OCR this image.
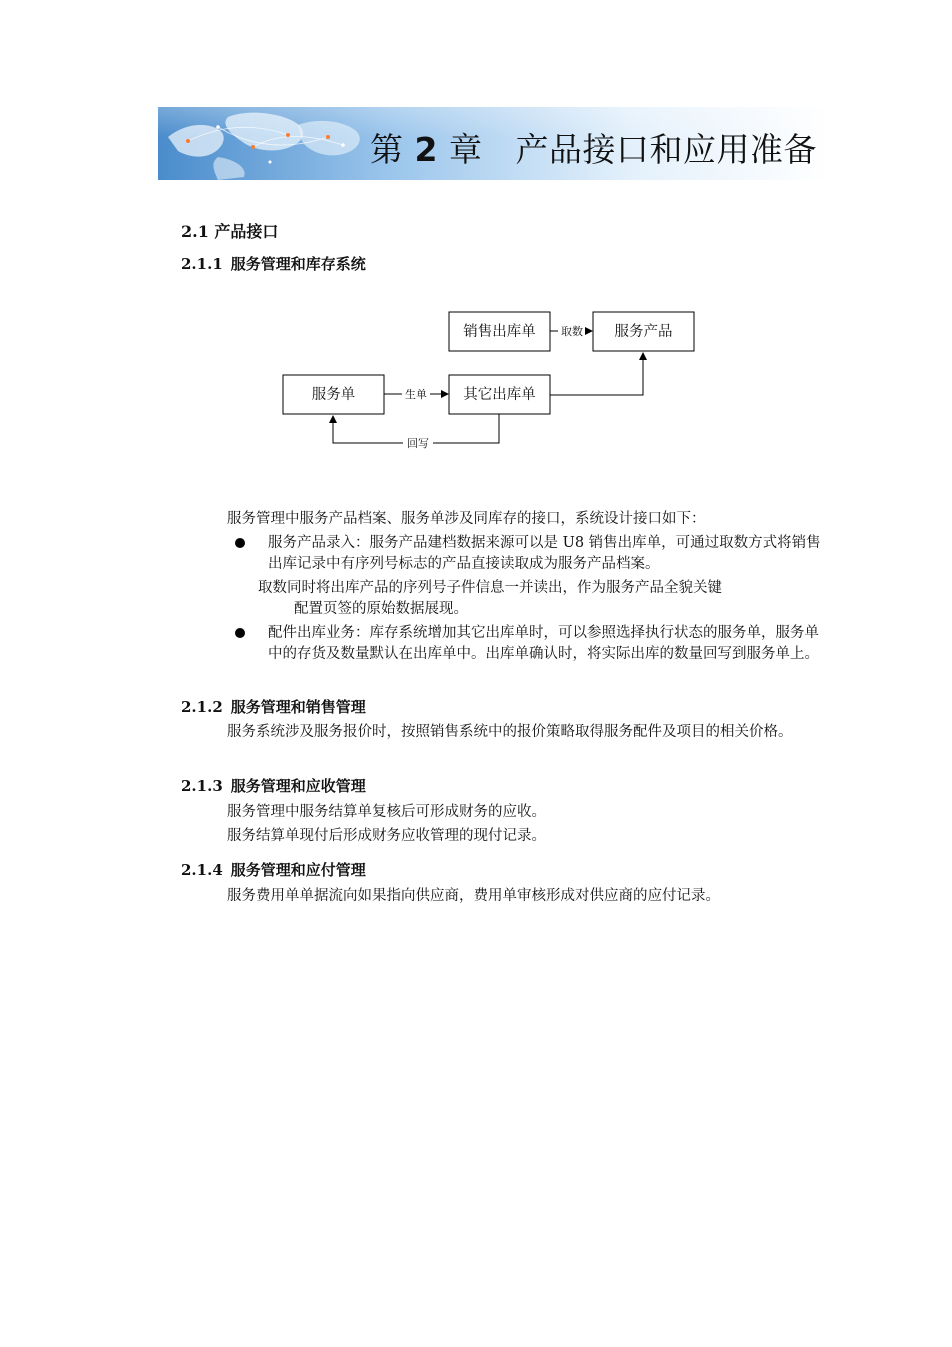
第 2 章 产品接口和应用准备
2.1 产品接口
2.1.1 服务管理和库存系统
销售出库单	服务产品
服务单	其它出库单
取数
生单
回写
服务管理中服务产品档案、服务单涉及同库存的接口，系统设计接口如下：
服务产品录入：服务产品建档数据来源可以是 U8 销售出库单，可通过取数方式将销售出库记录中有序列号标志的产品直接读取成为服务产品档案。
取数同时将出库产品的序列号子件信息一并读出，作为服务产品全貌关键
配置页签的原始数据展现。
配件出库业务：库存系统增加其它出库单时，可以参照选择执行状态的服务单，服务单中的存货及数量默认在出库单中。出库单确认时，将实际出库的数量回写到服务单上。
2.1.2 服务管理和销售管理
服务系统涉及服务报价时，按照销售系统中的报价策略取得服务配件及项目的相关价格。
2.1.3 服务管理和应收管理
服务管理中服务结算单复核后可形成财务的应收。
服务结算单现付后形成财务应收管理的现付记录。
2.1.4 服务管理和应付管理
服务费用单单据流向如果指向供应商，费用单审核形成对供应商的应付记录。
